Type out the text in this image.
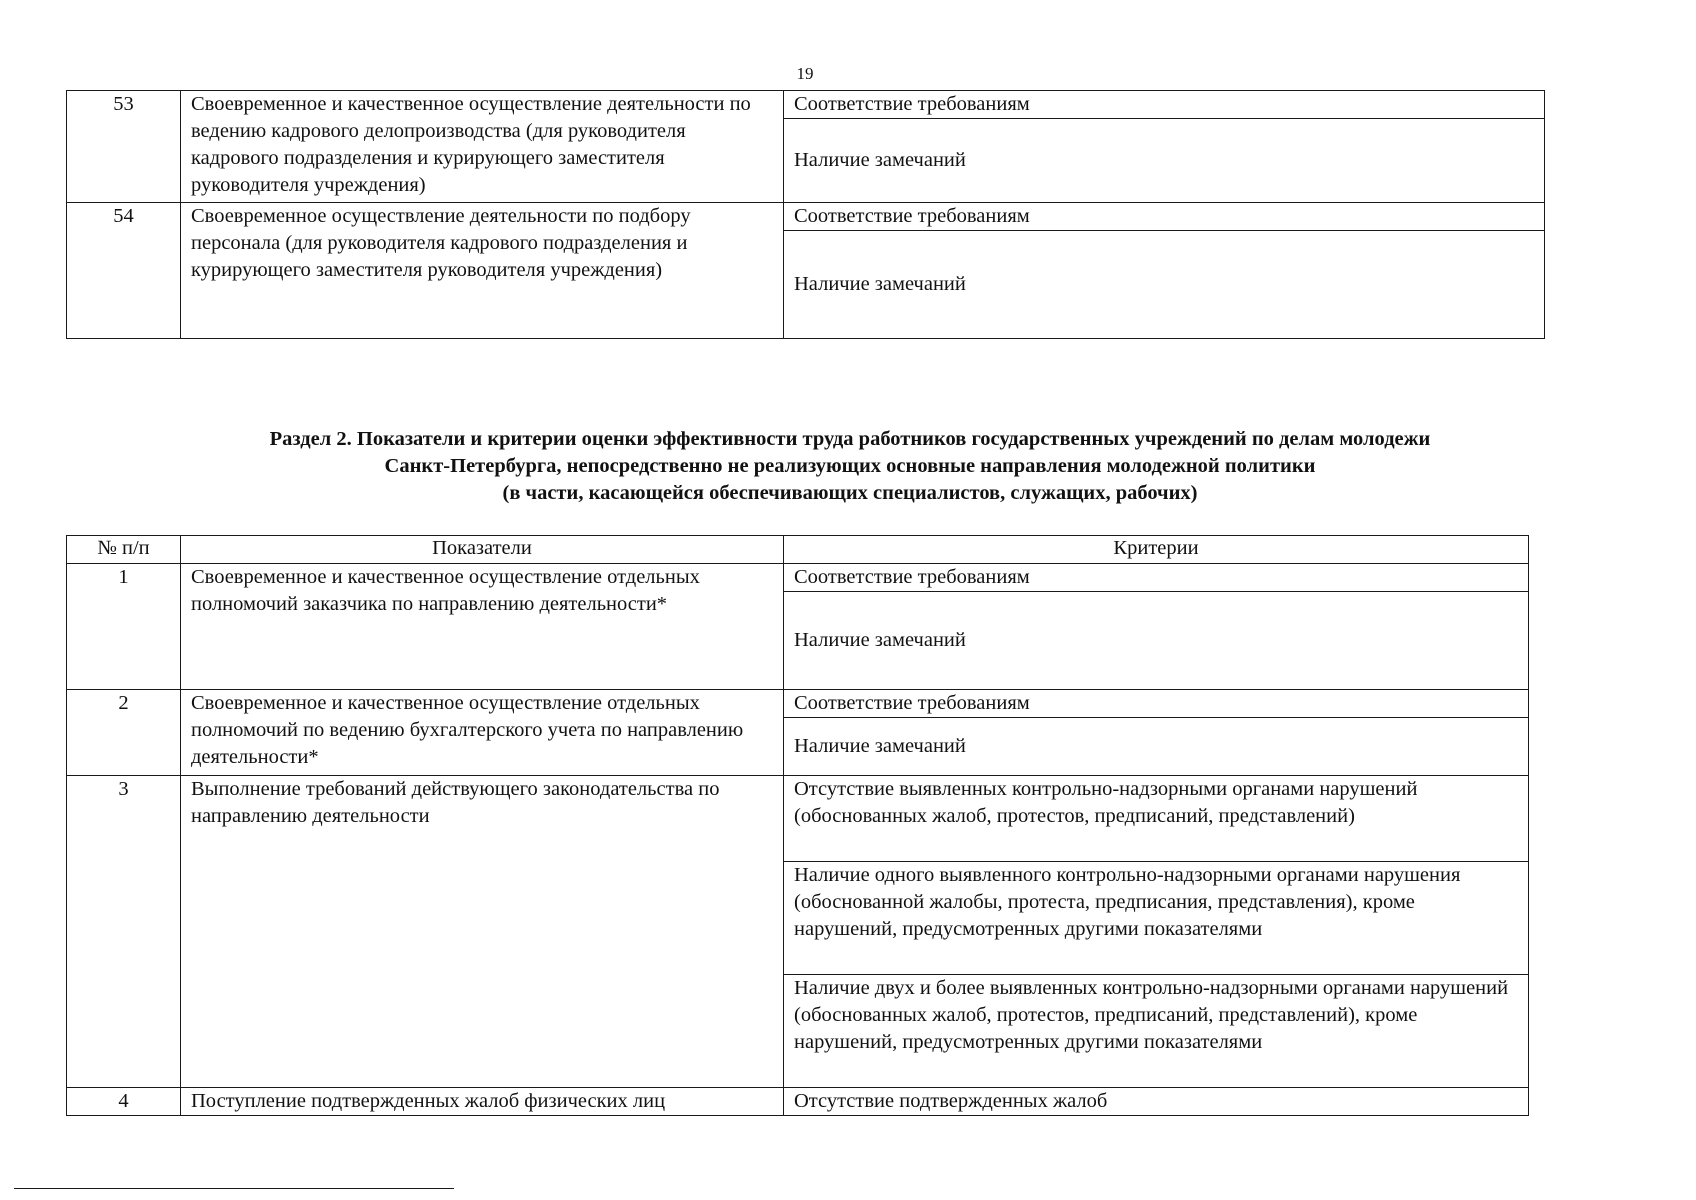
19
53	Своевременное и качественное осуществление деятельности по ведению кадрового делопроизводства (для руководителя кадрового подразделения и курирующего заместителя руководителя учреждения)	Соответствие требованиям
		Наличие замечаний
54	Своевременное осуществление деятельности по подбору персонала (для руководителя кадрового подразделения и курирующего заместителя руководителя учреждения)	Соответствие требованиям
		Наличие замечаний
Раздел 2. Показатели и критерии оценки эффективности труда работников государственных учреждений по делам молодежи
Санкт-Петербурга, непосредственно не реализующих основные направления молодежной политики
(в части, касающейся обеспечивающих специалистов, служащих, рабочих)
№ п/п	Показатели	Критерии
1	Своевременное и качественное осуществление отдельных полномочий заказчика по направлению деятельности*	Соответствие требованиям
		Наличие замечаний
2	Своевременное и качественное осуществление отдельных полномочий по ведению бухгалтерского учета по направлению деятельности*	Соответствие требованиям
		Наличие замечаний
3	Выполнение требований действующего законодательства по направлению деятельности	Отсутствие выявленных контрольно-надзорными органами нарушений (обоснованных жалоб, протестов, предписаний, представлений)
		Наличие одного выявленного контрольно-надзорными органами нарушения (обоснованной жалобы, протеста, предписания, представления), кроме нарушений, предусмотренных другими показателями
		Наличие двух и более выявленных контрольно-надзорными органами нарушений (обоснованных жалоб, протестов, предписаний, представлений), кроме нарушений, предусмотренных другими показателями
4	Поступление подтвержденных жалоб физических лиц	Отсутствие подтвержденных жалоб
